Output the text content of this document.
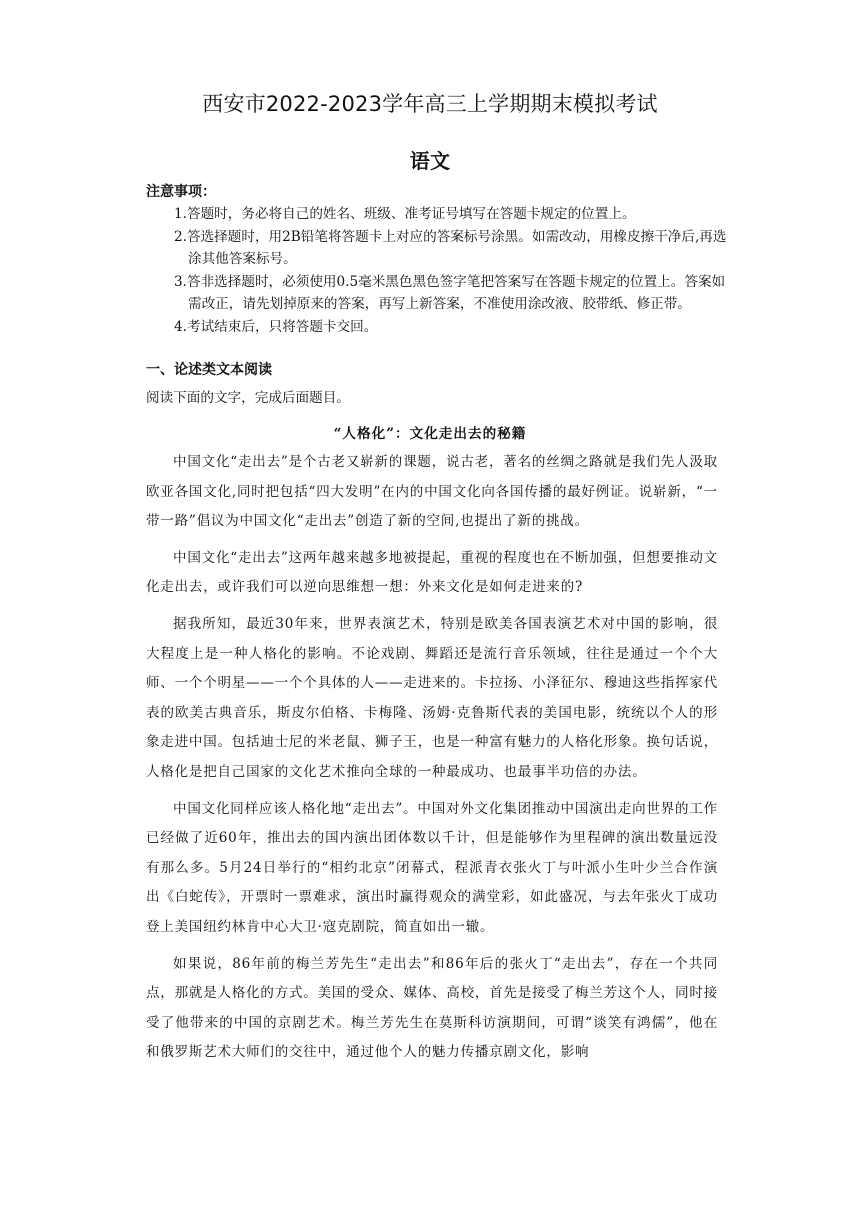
西安市2022-2023学年高三上学期期末模拟考试
语文
注意事项：

1.答题时，务必将自己的姓名、班级、准考证号填写在答题卡规定的位置上。

2.答选择题时，用2B铅笔将答题卡上对应的答案标号涂黑。如需改动，用橡皮擦干净后,再选涂其他答案标号。

3.答非选择题时，必须使用0.5毫米黑色黑色签字笔把答案写在答题卡规定的位置上。答案如需改正，请先划掉原来的答案，再写上新答案，不准使用涂改液、胶带纸、修正带。

4.考试结束后，只将答题卡交回。

一、论述类文本阅读
阅读下面的文字，完成后面题目。
“人格化”：文化走出去的秘籍

中国文化“走出去”是个古老又崭新的课题，说古老，著名的丝绸之路就是我们先人汲取欧亚各国文化,同时把包括“四大发明”在内的中国文化向各国传播的最好例证。说崭新，“一带一路”倡议为中国文化“走出去”创造了新的空间,也提出了新的挑战。

中国文化“走出去”这两年越来越多地被提起，重视的程度也在不断加强，但想要推动文化走出去，或许我们可以逆向思维想一想：外来文化是如何走进来的?

据我所知，最近30年来，世界表演艺术，特别是欧美各国表演艺术对中国的影响，很大程度上是一种人格化的影响。不论戏剧、舞蹈还是流行音乐领域，往往是通过一个个大师、一个个明星——一个个具体的人——走进来的。卡拉扬、小泽征尔、穆迪这些指挥家代表的欧美古典音乐，斯皮尔伯格、卡梅隆、汤姆·克鲁斯代表的美国电影，统统以个人的形象走进中国。包括迪士尼的米老鼠、狮子王，也是一种富有魅力的人格化形象。换句话说，人格化是把自己国家的文化艺术推向全球的一种最成功、也最事半功倍的办法。

中国文化同样应该人格化地“走出去”。中国对外文化集团推动中国演出走向世界的工作已经做了近60年，推出去的国内演出团体数以千计，但是能够作为里程碑的演出数量远没有那么多。5月24日举行的“相约北京”闭幕式，程派青衣张火丁与叶派小生叶少兰合作演出《白蛇传》，开票时一票难求，演出时赢得观众的满堂彩，如此盛况，与去年张火丁成功登上美国纽约林肯中心大卫·寇克剧院，简直如出一辙。

如果说，86年前的梅兰芳先生“走出去”和86年后的张火丁“走出去”，存在一个共同点，那就是人格化的方式。美国的受众、媒体、高校，首先是接受了梅兰芳这个人，同时接受了他带来的中国的京剧艺术。梅兰芳先生在莫斯科访演期间，可谓“谈笑有鸿儒”，他在和俄罗斯艺术大师们的交往中，通过他个人的魅力传播京剧文化，影响
